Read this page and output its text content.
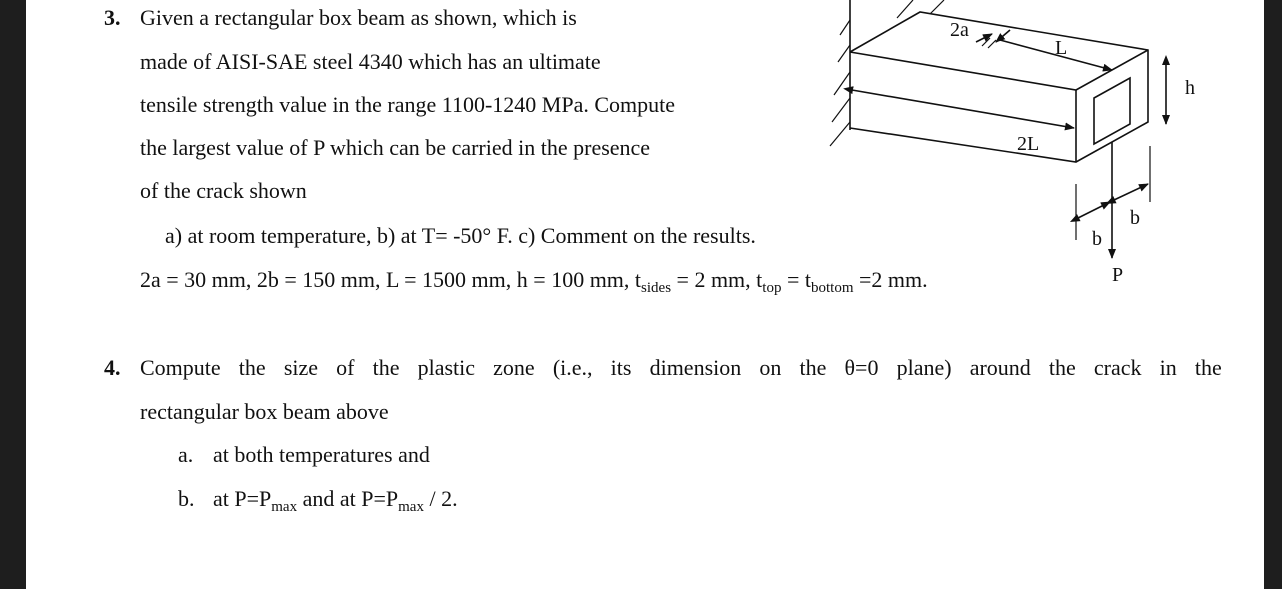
3. Given a rectangular box beam as shown, which is
made of AISI-SAE steel 4340 which has an ultimate
tensile strength value in the range 1100-1240 MPa. Compute
the largest value of P which can be carried in the presence
of the crack shown
a) at room temperature, b) at T= -50° F. c) Comment on the results.
2a = 30 mm, 2b = 150 mm, L = 1500 mm, h = 100 mm, $t_{sides} = 2$ mm, $t_{top} = t_{bottom} =2$ mm.
2a
L
h
2L
b
b
P
4. Compute the size of the plastic zone (i.e., its dimension on the θ=0 plane) around the crack in the
rectangular box beam above
a. at both temperatures and
b. at $P=P_{max}$ and at $P=P_{max} / 2$.
